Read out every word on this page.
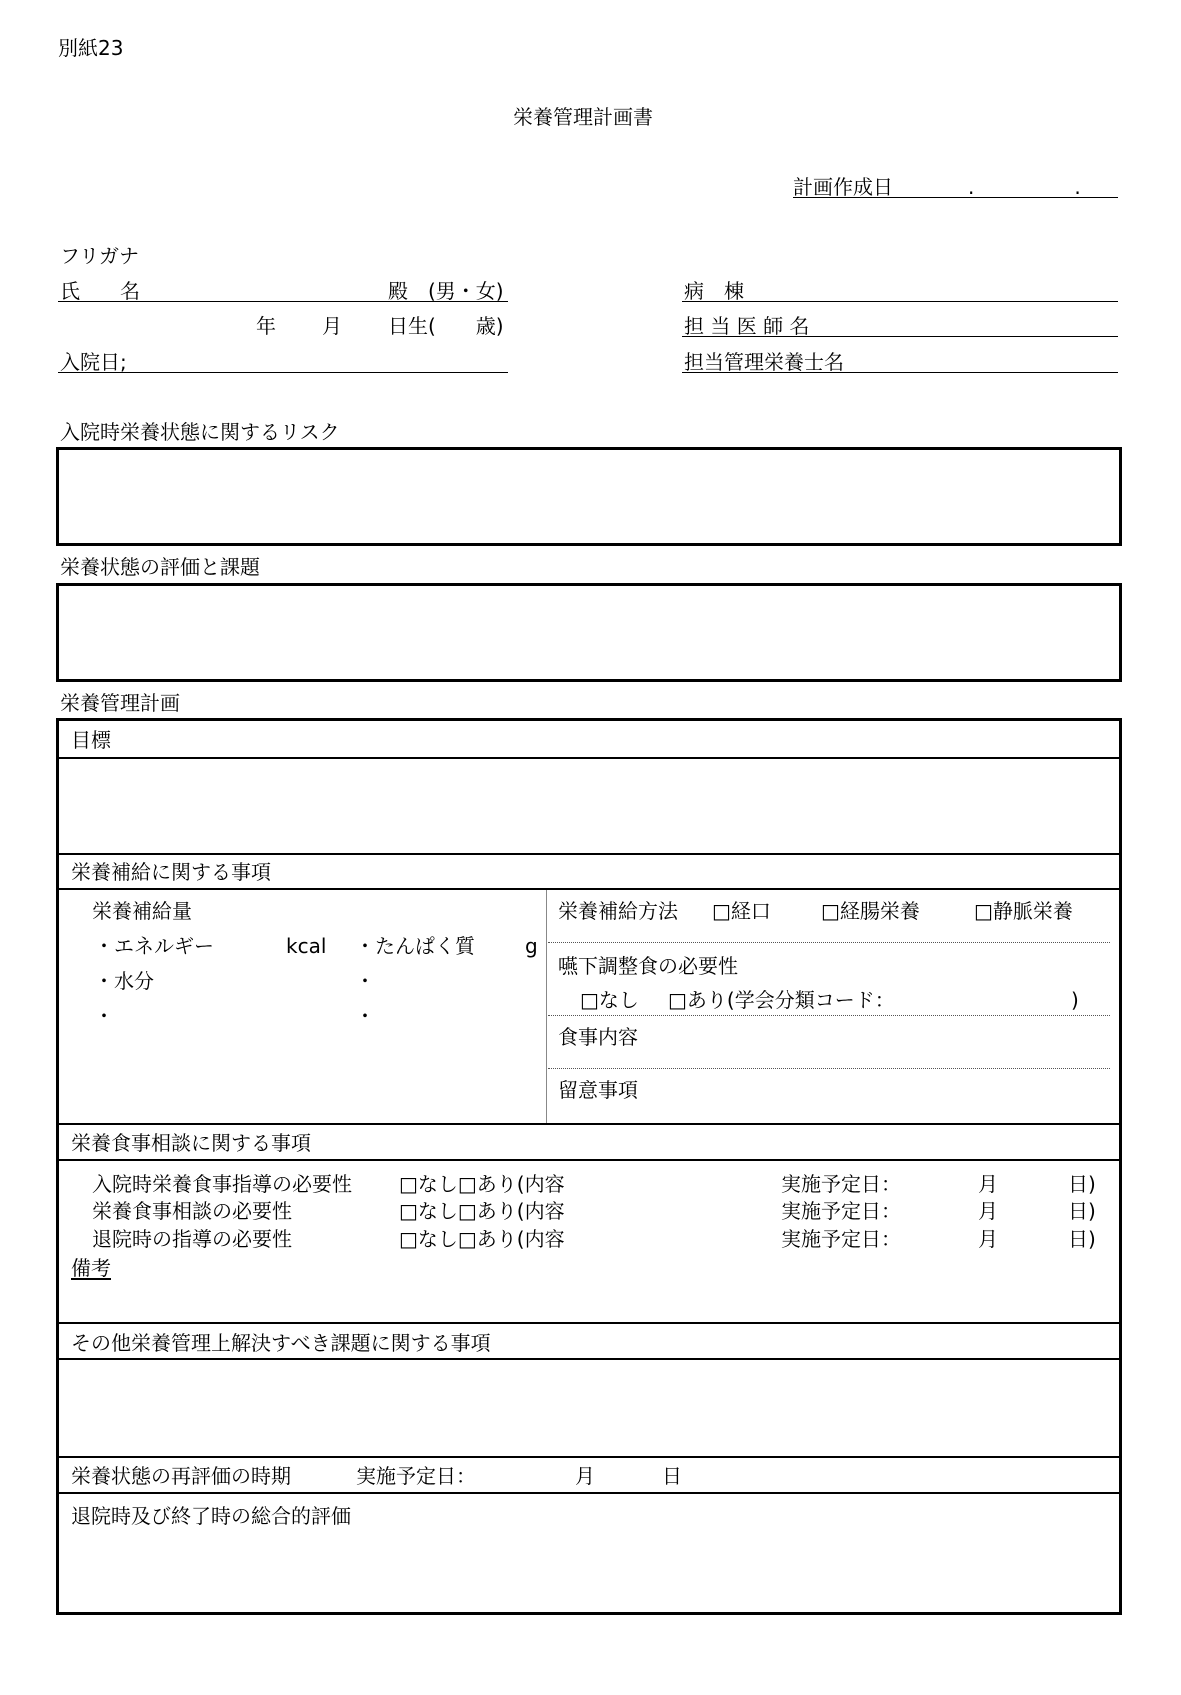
別紙23
栄養管理計画書
計画作成日	.　　　　　.
フリガナ
氏　　名	殿　(男・女)
年 月 日生(　　歳)
入院日;
病　棟
担 当 医 師 名
担当管理栄養士名
入院時栄養状態に関するリスク
栄養状態の評価と課題
栄養管理計画
目標
栄養補給に関する事項
栄養補給量
・エネルギー	kcal ・たんぱく質	g
・水分	・
・	・
栄養補給方法 □経口	□経腸栄養	□静脈栄養
嚥下調整食の必要性
□なし □あり(学会分類コード：	)
食事内容
留意事項
栄養食事相談に関する事項
入院時栄養食事指導の必要性 □なし□あり(内容	実施予定日：	月	日)
栄養食事相談の必要性	□なし□あり(内容	実施予定日：	月	日)
退院時の指導の必要性	□なし□あり(内容	実施予定日：	月	日)
備考
その他栄養管理上解決すべき課題に関する事項
栄養状態の再評価の時期	実施予定日：	月	日
退院時及び終了時の総合的評価
